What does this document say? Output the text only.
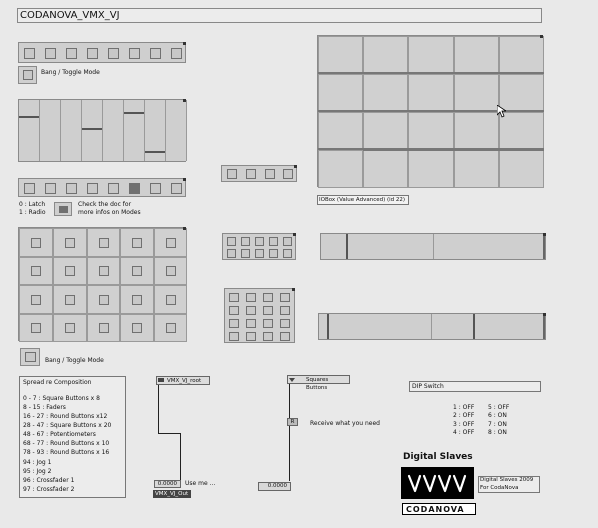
CODANOVA_VMX_VJ
Bang / Toggle Mode
0 : Latch
1 : Radio
Check the doc for
more infos on Modes
Bang / Toggle Mode
Spread re Composition
0 - 7 : Square Buttons x 8
8 - 15 : Faders
16 - 27 : Round Buttons x12
28 - 47 : Square Buttons x 20
48 - 67 : Potentiometers
68 - 77 : Round Buttons x 10
78 - 93 : Round Buttons x 16
94 : Jog 1
95 : Jog 2
96 : Crossfader 1
97 : Crossfader 2
IOBox (Value Advanced) (id 22)
VMX_VJ_root
0.0000	Use me ...
VMX_VJ_Out
Squares Buttons
R	Receive what you need
0.0000
DIP Switch
1 : OFF
2 : OFF
3 : OFF
4 : OFF
5 : OFF
6 : ON
7 : ON
8 : ON
Digital Slaves
Digital Slaves 2009
For CodaNova
CODANOVA
